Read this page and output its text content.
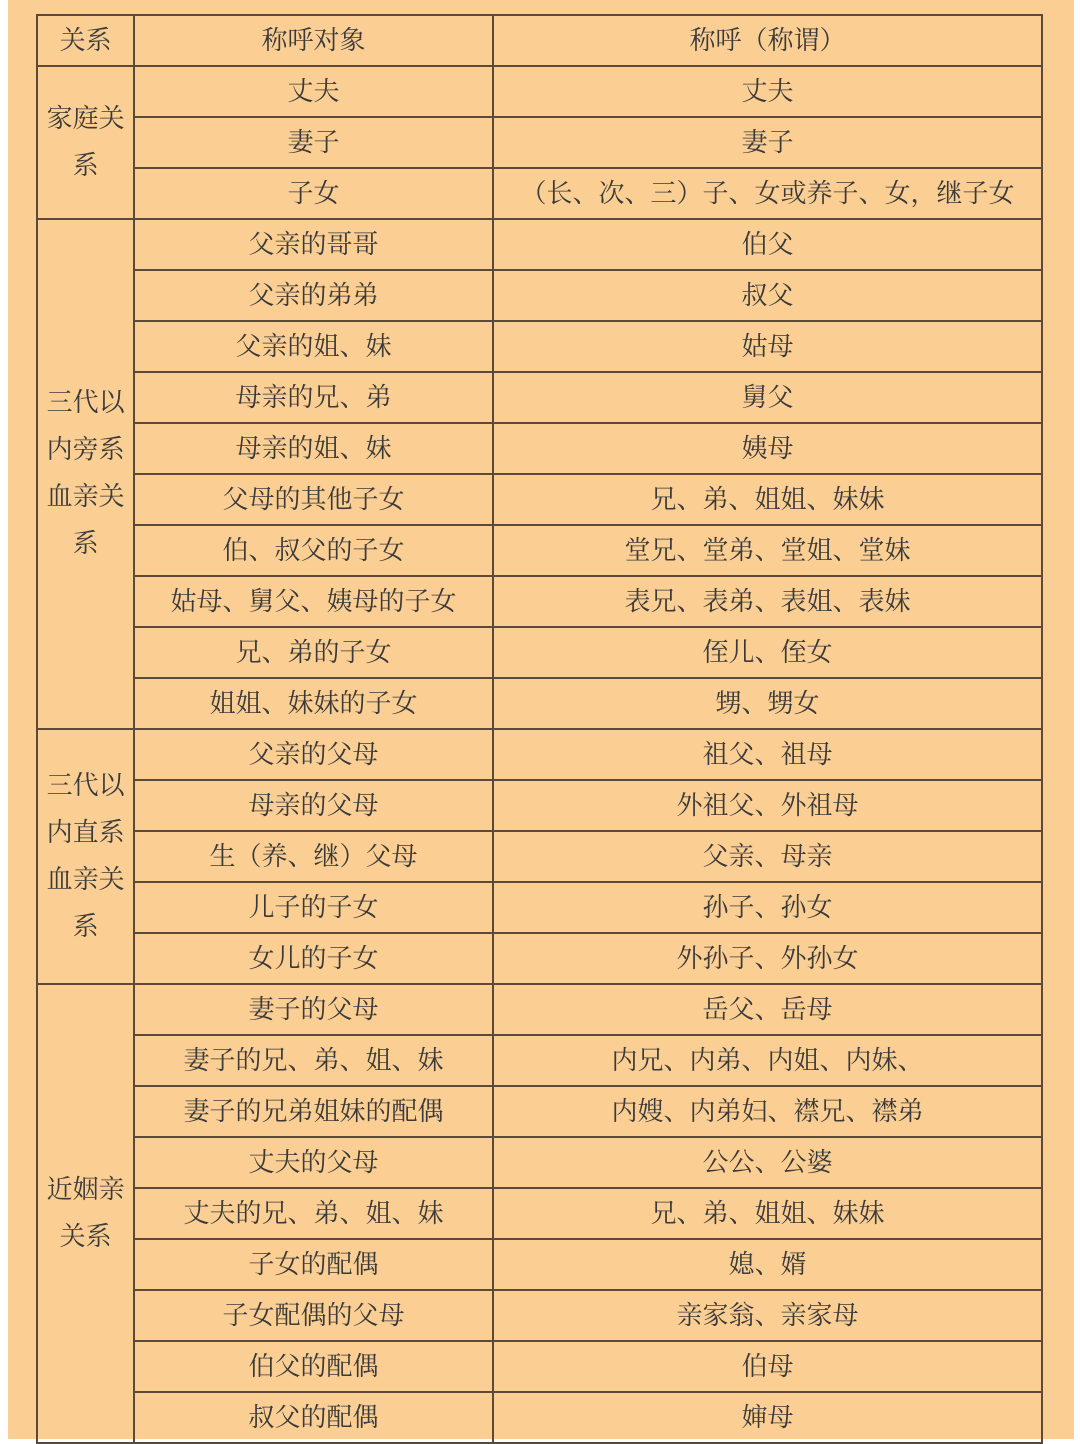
关系	称呼对象	称呼（称谓）
家庭关系	丈夫	丈夫
	妻子	妻子
	子女	（长、次、三）子、女或养子、女，继子女
三代以内旁系血亲关系	父亲的哥哥	伯父
	父亲的弟弟	叔父
	父亲的姐、妹	姑母
	母亲的兄、弟	舅父
	母亲的姐、妹	姨母
	父母的其他子女	兄、弟、姐姐、妹妹
	伯、叔父的子女	堂兄、堂弟、堂姐、堂妹
	姑母、舅父、姨母的子女	表兄、表弟、表姐、表妹
	兄、弟的子女	侄儿、侄女
	姐姐、妹妹的子女	甥、甥女
三代以内直系血亲关系	父亲的父母	祖父、祖母
	母亲的父母	外祖父、外祖母
	生（养、继）父母	父亲、母亲
	儿子的子女	孙子、孙女
	女儿的子女	外孙子、外孙女
近姻亲关系	妻子的父母	岳父、岳母
	妻子的兄、弟、姐、妹	内兄、内弟、内姐、内妹、
	妻子的兄弟姐妹的配偶	内嫂、内弟妇、襟兄、襟弟
	丈夫的父母	公公、公婆
	丈夫的兄、弟、姐、妹	兄、弟、姐姐、妹妹
	子女的配偶	媳、婿
	子女配偶的父母	亲家翁、亲家母
	伯父的配偶	伯母
	叔父的配偶	婶母
